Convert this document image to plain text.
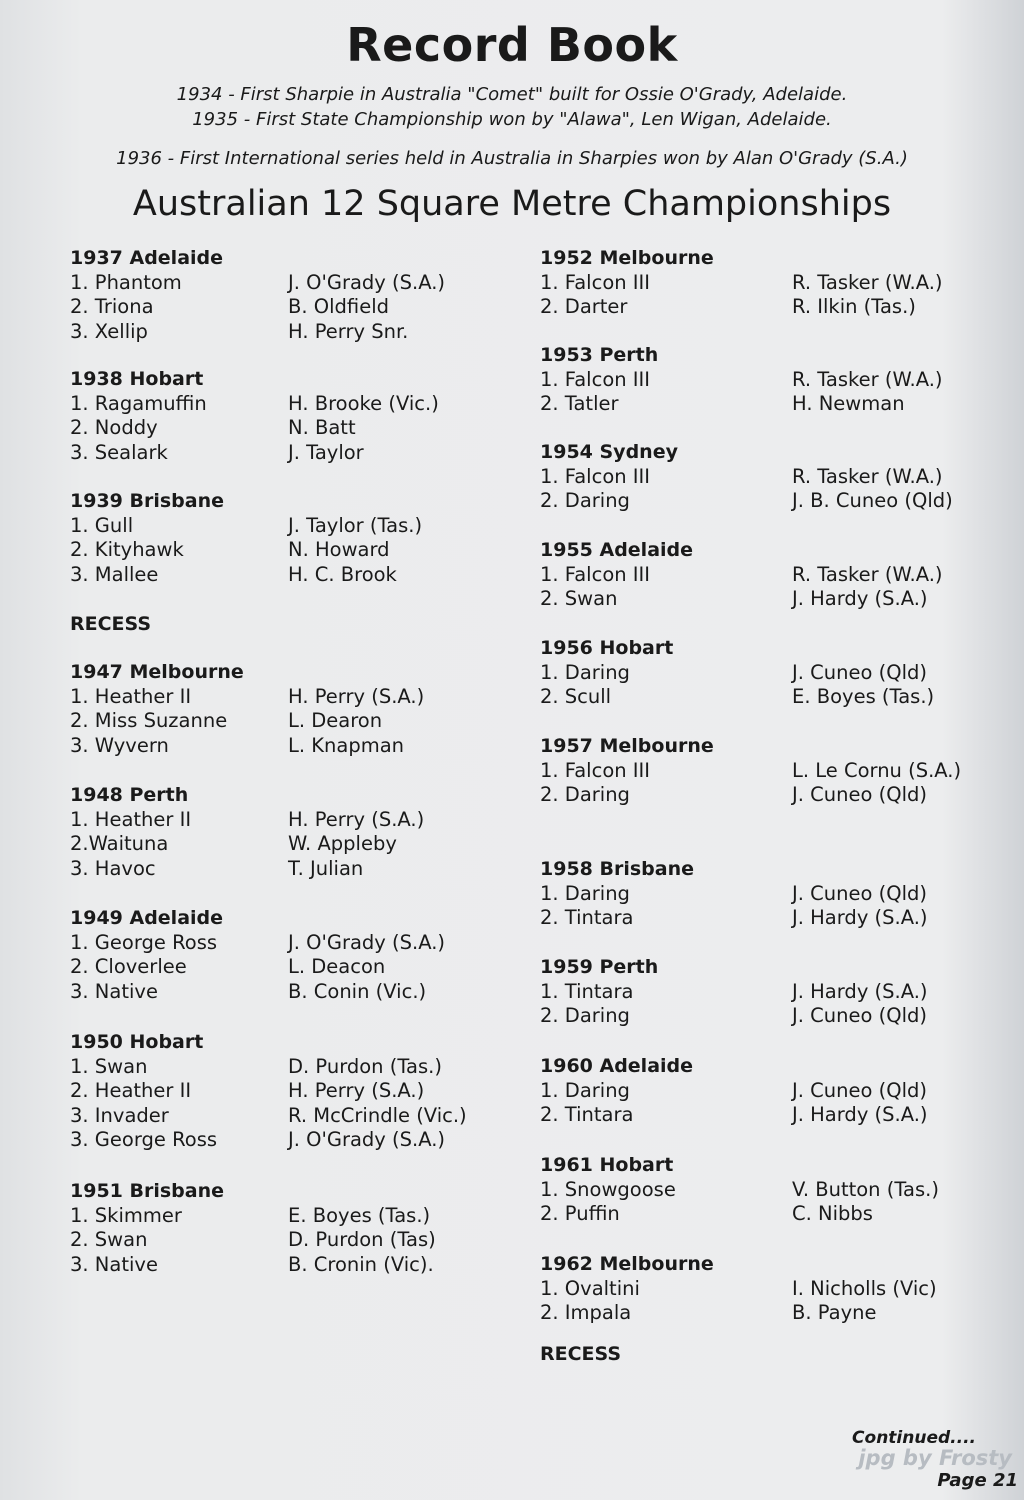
Record Book

1934 - First Sharpie in Australia "Comet" built for Ossie O'Grady, Adelaide.

1935 - First State Championship won by "Alawa", Len Wigan, Adelaide.

1936 - First International series held in Australia in Sharpies won by Alan O'Grady (S.A.)

Australian 12 Square Metre Championships
1937 Adelaide
1. Phantom	J. O'Grady (S.A.)
2. Triona	B. Oldfield
3. Xellip	H. Perry Snr.
1938 Hobart
1. Ragamuffin	H. Brooke (Vic.)
2. Noddy	N. Batt
3. Sealark	J. Taylor
1939 Brisbane
1. Gull	J. Taylor (Tas.)
2. Kityhawk	N. Howard
3. Mallee	H. C. Brook
RECESS
1947 Melbourne
1. Heather II	H. Perry (S.A.)
2. Miss Suzanne	L. Dearon
3. Wyvern	L. Knapman
1948 Perth
1. Heather II	H. Perry (S.A.)
2.Waituna	W. Appleby
3. Havoc	T. Julian
1949 Adelaide
1. George Ross	J. O'Grady (S.A.)
2. Cloverlee	L. Deacon
3. Native	B. Conin (Vic.)
1950 Hobart
1. Swan	D. Purdon (Tas.)
2. Heather II	H. Perry (S.A.)
3. Invader	R. McCrindle (Vic.)
3. George Ross	J. O'Grady (S.A.)
1951 Brisbane
1. Skimmer	E. Boyes (Tas.)
2. Swan	D. Purdon (Tas)
3. Native	B. Cronin (Vic).
1952 Melbourne
1. Falcon III	R. Tasker (W.A.)
2. Darter	R. Ilkin (Tas.)
1953 Perth
1. Falcon III	R. Tasker (W.A.)
2. Tatler	H. Newman
1954 Sydney
1. Falcon III	R. Tasker (W.A.)
2. Daring	J. B. Cuneo (Qld)
1955 Adelaide
1. Falcon III	R. Tasker (W.A.)
2. Swan	J. Hardy (S.A.)
1956 Hobart
1. Daring	J. Cuneo (Qld)
2. Scull	E. Boyes (Tas.)
1957 Melbourne
1. Falcon III	L. Le Cornu (S.A.)
2. Daring	J. Cuneo (Qld)
1958 Brisbane
1. Daring	J. Cuneo (Qld)
2. Tintara	J. Hardy (S.A.)
1959 Perth
1. Tintara	J. Hardy (S.A.)
2. Daring	J. Cuneo (Qld)
1960 Adelaide
1. Daring	J. Cuneo (Qld)
2. Tintara	J. Hardy (S.A.)
1961 Hobart
1. Snowgoose	V. Button (Tas.)
2. Puffin	C. Nibbs
1962 Melbourne
1. Ovaltini	I. Nicholls (Vic)
2. Impala	B. Payne
RECESS
Continued....
jpg by Frosty
Page 21
